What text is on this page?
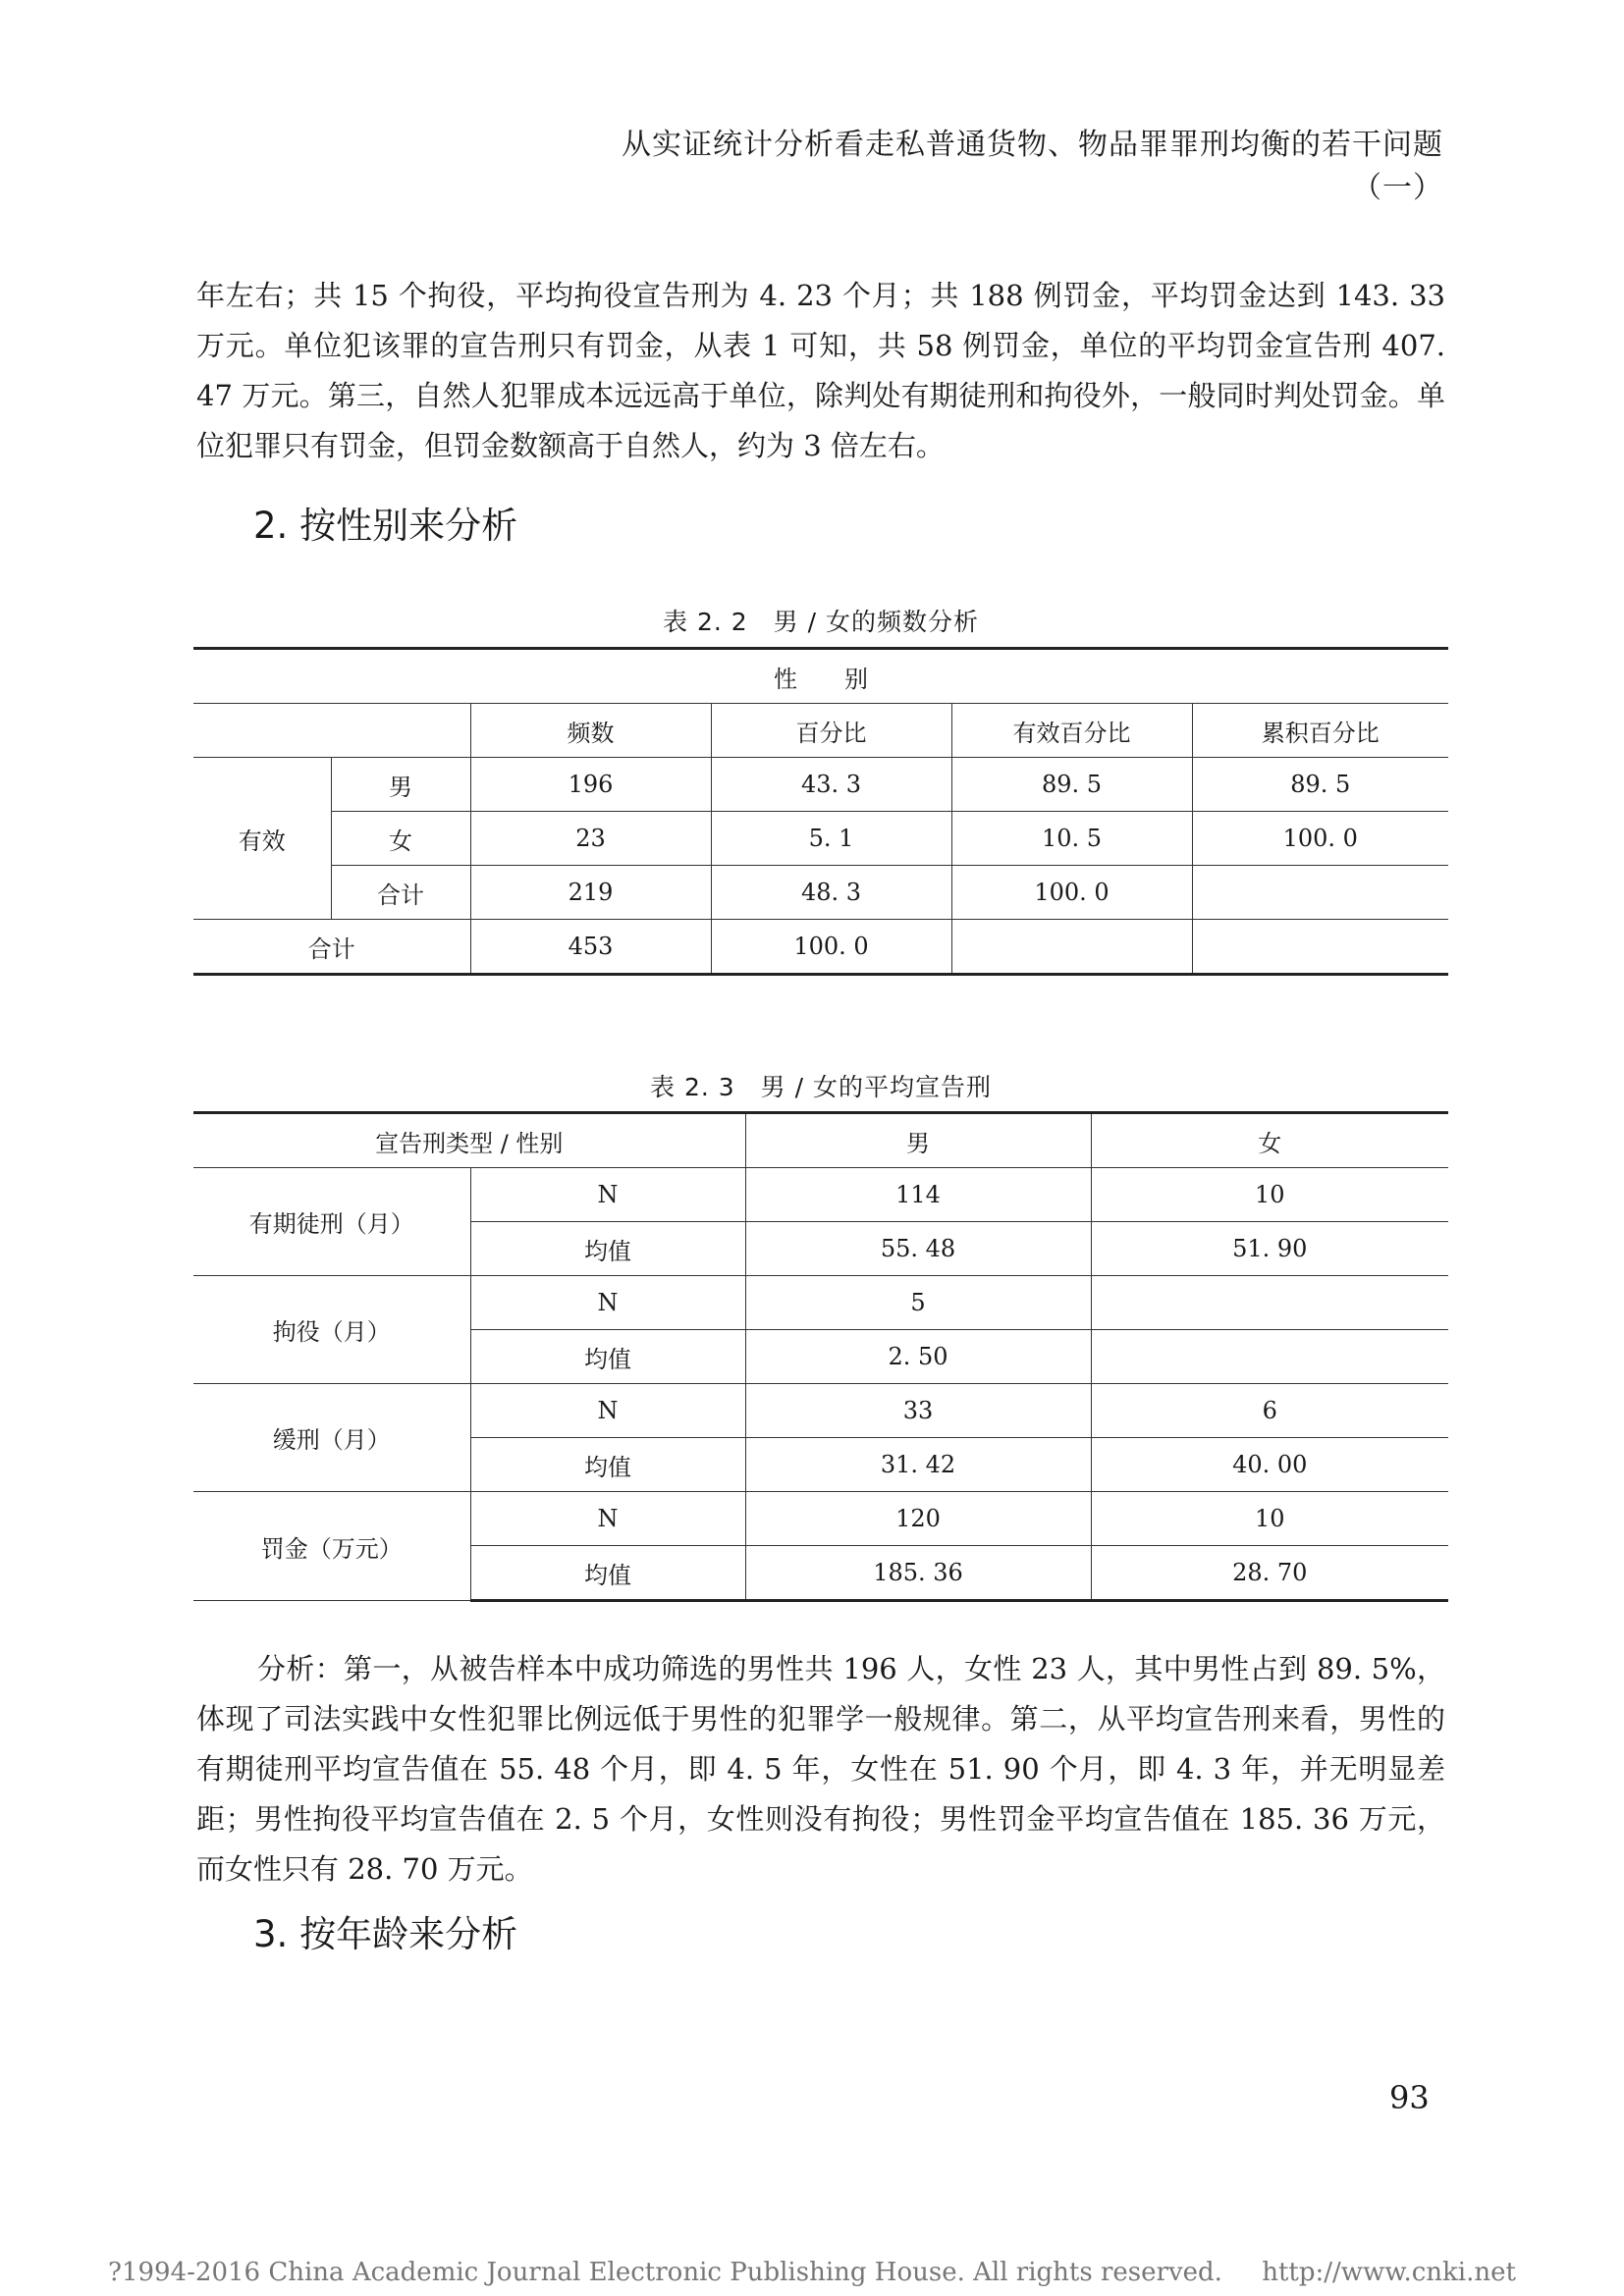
从实证统计分析看走私普通货物、物品罪罪刑均衡的若干问题（一）

年左右；共 15 个拘役，平均拘役宣告刑为 4. 23 个月；共 188 例罚金，平均罚金达到 143. 33 万元。单位犯该罪的宣告刑只有罚金，从表 1 可知，共 58 例罚金，单位的平均罚金宣告刑 407. 47 万元。第三，自然人犯罪成本远远高于单位，除判处有期徒刑和拘役外，一般同时判处罚金。单位犯罪只有罚金，但罚金数额高于自然人，约为 3 倍左右。

2. 按性别来分析
表 2. 2　男 / 女的频数分析
性　　别					
		频数	百分比	有效百分比	累积百分比
有效	男	196	43. 3	89. 5	89. 5
	女	23	5. 1	10. 5	100. 0
	合计	219	48. 3	100. 0	
合计		453	100. 0		
表 2. 3　男 / 女的平均宣告刑
宣告刑类型 / 性别		男	女
有期徒刑（月）	N	114	10
	均值	55. 48	51. 90
拘役（月）	N	5	
	均值	2. 50	
缓刑（月）	N	33	6
	均值	31. 42	40. 00
罚金（万元）	N	120	10
	均值	185. 36	28. 70

分析：第一，从被告样本中成功筛选的男性共 196 人，女性 23 人，其中男性占到 89. 5%，体现了司法实践中女性犯罪比例远低于男性的犯罪学一般规律。第二，从平均宣告刑来看，男性的有期徒刑平均宣告值在 55. 48 个月，即 4. 5 年，女性在 51. 90 个月，即 4. 3 年，并无明显差距；男性拘役平均宣告值在 2. 5 个月，女性则没有拘役；男性罚金平均宣告值在 185. 36 万元，而女性只有 28. 70 万元。

3. 按年龄来分析
93
?1994-2016 China Academic Journal Electronic Publishing House. All rights reserved. http://www.cnki.net
